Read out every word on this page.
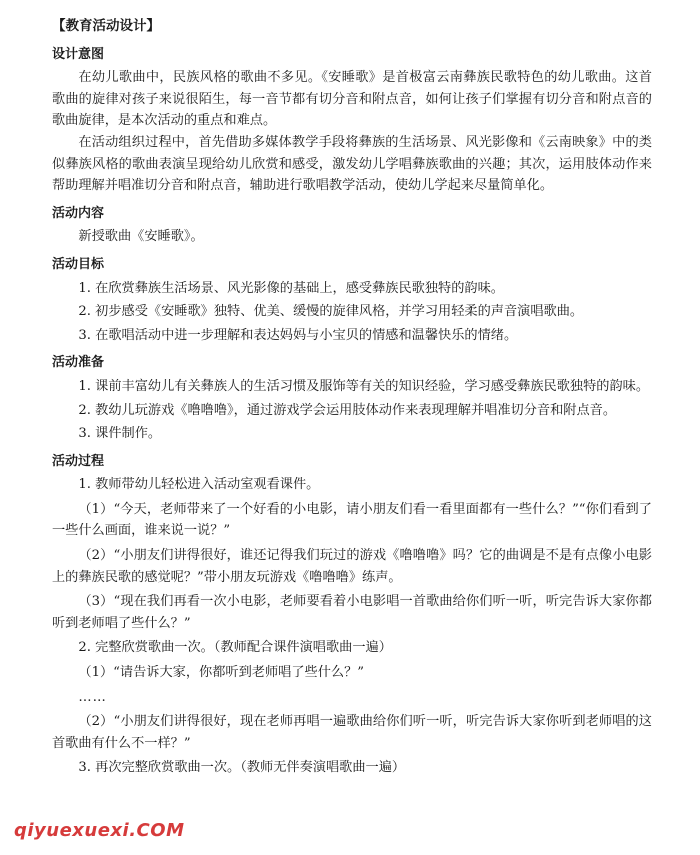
【教育活动设计】
设计意图

在幼儿歌曲中，民族风格的歌曲不多见。《安睡歌》是首极富云南彝族民歌特色的幼儿歌曲。这首歌曲的旋律对孩子来说很陌生，每一音节都有切分音和附点音，如何让孩子们掌握有切分音和附点音的歌曲旋律，是本次活动的重点和难点。

在活动组织过程中，首先借助多媒体教学手段将彝族的生活场景、风光影像和《云南映象》中的类似彝族风格的歌曲表演呈现给幼儿欣赏和感受，激发幼儿学唱彝族歌曲的兴趣；其次，运用肢体动作来帮助理解并唱准切分音和附点音，辅助进行歌唱教学活动，使幼儿学起来尽量简单化。

活动内容

新授歌曲《安睡歌》。

活动目标
1. 在欣赏彝族生活场景、风光影像的基础上，感受彝族民歌独特的韵味。
2. 初步感受《安睡歌》独特、优美、缓慢的旋律风格，并学习用轻柔的声音演唱歌曲。
3. 在歌唱活动中进一步理解和表达妈妈与小宝贝的情感和温馨快乐的情绪。
活动准备
1. 课前丰富幼儿有关彝族人的生活习惯及服饰等有关的知识经验，学习感受彝族民歌独特的韵味。
2. 教幼儿玩游戏《噜噜噜》，通过游戏学会运用肢体动作来表现理解并唱准切分音和附点音。
3. 课件制作。
活动过程
1. 教师带幼儿轻松进入活动室观看课件。

（1）“今天，老师带来了一个好看的小电影，请小朋友们看一看里面都有一些什么？”“你们看到了一些什么画面，谁来说一说？”

（2）“小朋友们讲得很好，谁还记得我们玩过的游戏《噜噜噜》吗？它的曲调是不是有点像小电影上的彝族民歌的感觉呢？”带小朋友玩游戏《噜噜噜》练声。

（3）“现在我们再看一次小电影，老师要看着小电影唱一首歌曲给你们听一听，听完告诉大家你都听到老师唱了些什么？”

2. 完整欣赏歌曲一次。（教师配合课件演唱歌曲一遍）

（1）“请告诉大家，你都听到老师唱了些什么？”

……

（2）“小朋友们讲得很好，现在老师再唱一遍歌曲给你们听一听，听完告诉大家你听到老师唱的这首歌曲有什么不一样？”

3. 再次完整欣赏歌曲一次。（教师无伴奏演唱歌曲一遍）
qiyuexuexi.COM
